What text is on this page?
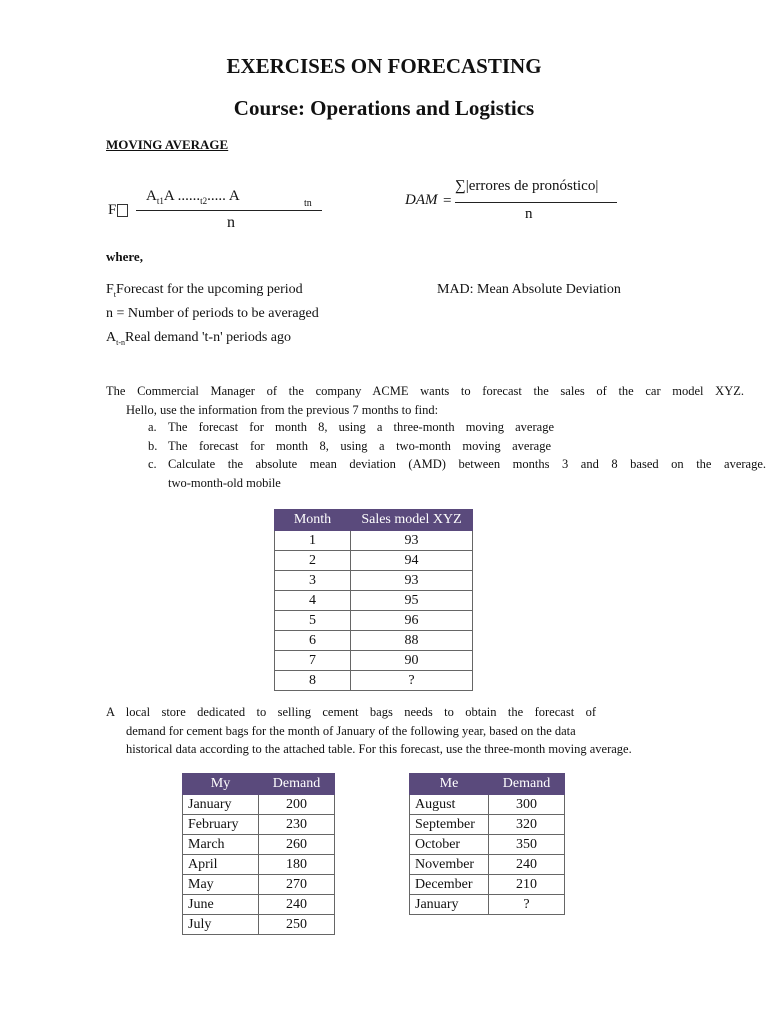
EXERCISES ON FORECASTING
Course: Operations and Logistics
MOVING AVERAGE
F
$A_{t1}A$ $......_{t2}$..... A	tn
n
DAM =
∑|errores de pronóstico|
n
where,
$F_tForecast$ for the upcoming period
n = Number of periods to be averaged
$A_{t-n}Real$ demand 't-n' periods ago
MAD: Mean Absolute Deviation
The Commercial Manager of the company ACME wants to forecast the sales of the car model XYZ.
Hello, use the information from the previous 7 months to find:
a. The forecast for month 8, using a three-month moving average
b. The forecast for month 8, using a two-month moving average
c. Calculate the absolute mean deviation (AMD) between months 3 and 8 based on the average.
two-month-old mobile
Month	Sales model XYZ
1	93
2	94
3	93
4	95
5	96
6	88
7	90
8	?
A local store dedicated to selling cement bags needs to obtain the forecast of
demand for cement bags for the month of January of the following year, based on the data
historical data according to the attached table. For this forecast, use the three-month moving average.
My	Demand
January	200
February	230
March	260
April	180
May	270
June	240
July	250
Me	Demand
August	300
September	320
October	350
November	240
December	210
January	?
